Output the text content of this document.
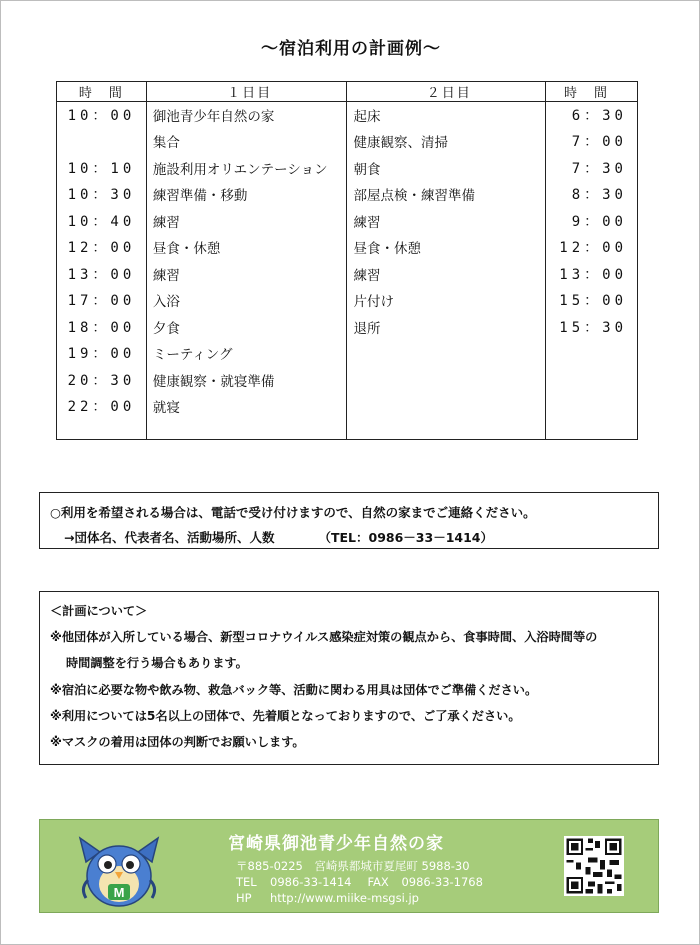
～宿泊利用の計画例～
時　間	１日目	２日目	時　間
10：00	御池青少年自然の家	起床	6：30
	集合	健康観察、清掃	7：00
10：10	施設利用オリエンテーション	朝食	7：30
10：30	練習準備・移動	部屋点検・練習準備	8：30
10：40	練習	練習	9：00
12：00	昼食・休憩	昼食・休憩	12：00
13：00	練習	練習	13：00
17：00	入浴	片付け	15：00
18：00	夕食	退所	15：30
19：00	ミーティング		
20：30	健康観察・就寝準備		
22：00	就寝		

○利用を希望される場合は、電話で受け付けますので、自然の家までご連絡ください。
→団体名、代表者名、活動場所、人数	（TEL：0986－33－1414）
＜計画について＞
※他団体が入所している場合、新型コロナウイルス感染症対策の観点から、食事時間、入浴時間等の
時間調整を行う場合もあります。
※宿泊に必要な物や飲み物、救急バック等、活動に関わる用具は団体でご準備ください。
※利用については5名以上の団体で、先着順となっておりますので、ご了承ください。
※マスクの着用は団体の判断でお願いします。
M
宮崎県御池青少年自然の家
〒885-0225　宮崎県都城市夏尾町 5988-30
TEL 0986-33-1414 FAX 0986-33-1768
HP http://www.miike-msgsi.jp
